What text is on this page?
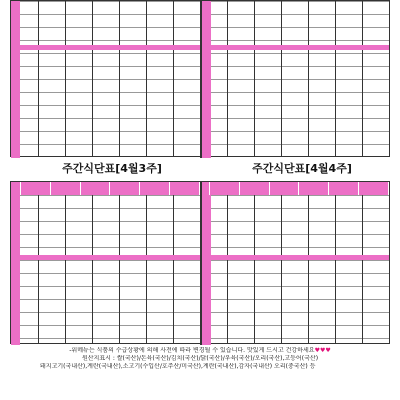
주간식단표[4월3주]	주간식단표[4월4주]
-위메뉴는 식품의 수급상황에 의해 사전에 따라 변경될 수 있습니다. 맛있게 드시고 건강하세요♥♥♥
원산지표시 : 쌀(국산)/돈육(국산)/김치(국산)/닭(국산)/우육(국산)/오리(국산),고등어(국산)
돼지고기(국내산),계란(국내산),소고기(수입산/호주산/미국산),계란(국내산),감자(국내산) 오리(중국산) 등
